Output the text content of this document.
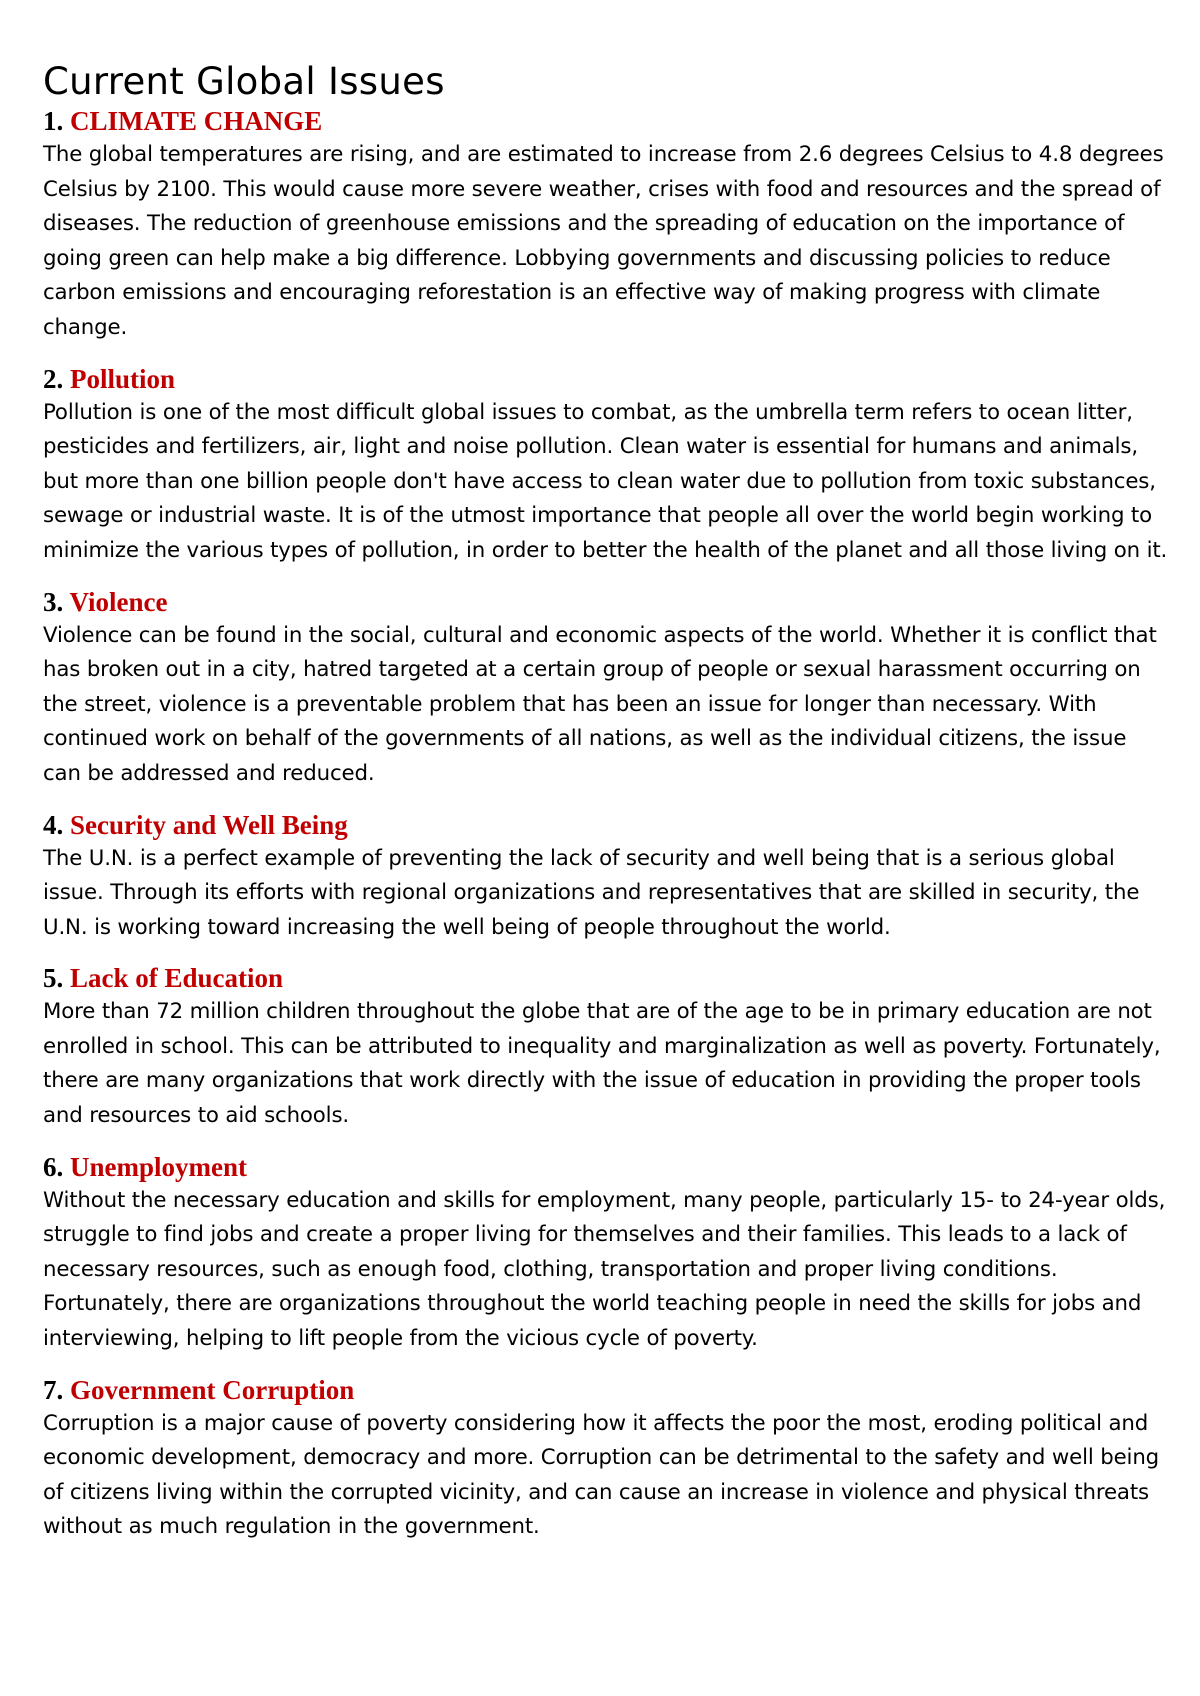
Current Global Issues
1. CLIMATE CHANGE

The global temperatures are rising, and are estimated to increase from 2.6 degrees Celsius to 4.8 degrees Celsius by 2100. This would cause more severe weather, crises with food and resources and the spread of diseases. The reduction of greenhouse emissions and the spreading of education on the importance of going green can help make a big difference. Lobbying governments and discussing policies to reduce carbon emissions and encouraging reforestation is an effective way of making progress with climate change.

2. Pollution

Pollution is one of the most difficult global issues to combat, as the umbrella term refers to ocean litter, pesticides and fertilizers, air, light and noise pollution. Clean water is essential for humans and animals, but more than one billion people don't have access to clean water due to pollution from toxic substances, sewage or industrial waste. It is of the utmost importance that people all over the world begin working to minimize the various types of pollution, in order to better the health of the planet and all those living on it.

3. Violence

Violence can be found in the social, cultural and economic aspects of the world. Whether it is conflict that has broken out in a city, hatred targeted at a certain group of people or sexual harassment occurring on the street, violence is a preventable problem that has been an issue for longer than necessary. With continued work on behalf of the governments of all nations, as well as the individual citizens, the issue can be addressed and reduced.

4. Security and Well Being

The U.N. is a perfect example of preventing the lack of security and well being that is a serious global issue. Through its efforts with regional organizations and representatives that are skilled in security, the U.N. is working toward increasing the well being of people throughout the world.

5. Lack of Education

More than 72 million children throughout the globe that are of the age to be in primary education are not enrolled in school. This can be attributed to inequality and marginalization as well as poverty. Fortunately, there are many organizations that work directly with the issue of education in providing the proper tools and resources to aid schools.

6. Unemployment

Without the necessary education and skills for employment, many people, particularly 15- to 24-year olds, struggle to find jobs and create a proper living for themselves and their families. This leads to a lack of necessary resources, such as enough food, clothing, transportation and proper living conditions. Fortunately, there are organizations throughout the world teaching people in need the skills for jobs and interviewing, helping to lift people from the vicious cycle of poverty.

7. Government Corruption

Corruption is a major cause of poverty considering how it affects the poor the most, eroding political and economic development, democracy and more. Corruption can be detrimental to the safety and well being of citizens living within the corrupted vicinity, and can cause an increase in violence and physical threats without as much regulation in the government.
